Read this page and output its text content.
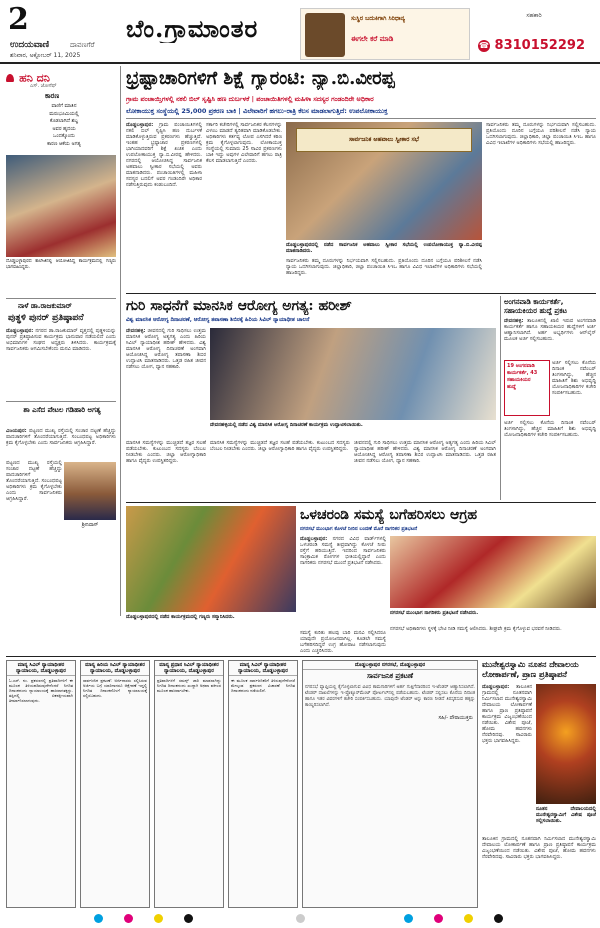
2
ಉದಯವಾಣಿ	ದಾವಣಗೆರೆ
ಶನಿವಾರ, ಅಕ್ಟೋಬರ್ 11, 2025
ಬೆಂ.ಗ್ರಾಮಾಂತರ	ಸುಸ್ಥಿರ ಬದುಕಿಗಾಗಿ ಸಿರಿಧಾನ್ಯ
ಈಗಲೇ ಕರೆ ಮಾಡಿ
ಸಹಕಾರಿ
☎ 8310152292
ಹನಿ ದನಿ
ಎಸ್. ಜೋಸೆಫ್
ಕಾರಣ
ವಾಣಿಗೆ ಮಾತಿನ
ಮರುಭೂಮಿಯಲ್ಲಿ
ಕೊಡಲಾಗಿದೆ ಶಬ್ದ
ಅವರ ಹೃದಯ
ಒಂದಕ್ಕೊಂದು
ಕಾರಣ ಆಕೆಯ ಅಗತ್ಯ
ದೊಡ್ಡಬಳ್ಳಾಪುರದ ಕಾಲೇಜಿನಲ್ಲಿ ಆಯೋಜಿಸಿದ್ದ ಕಾರ್ಯಕ್ರಮದಲ್ಲಿ ಗಣ್ಯರು ಭಾಗವಹಿಸಿದ್ದರು.
ನಾಳೆ ಡಾ.ರಾಜಕುಮಾರ್
ಪುತ್ಥಳಿ ಪುನರ್ ಪ್ರತಿಷ್ಠಾಪನೆ
ದೊಡ್ಡಬಳ್ಳಾಪುರ: ನಗರದ ಡಾ.ರಾಜಕುಮಾರ್ ವೃತ್ತದಲ್ಲಿ ಪುತ್ಥಳಿಯನ್ನು ಪುನರ್ ಪ್ರತಿಷ್ಠಾಪಿಸುವ ಕಾರ್ಯಕ್ರಮ ಭಾನುವಾರ ನಡೆಯಲಿದೆ ಎಂದು ಅಭಿಮಾನಿಗಳ ಸಂಘದ ಅಧ್ಯಕ್ಷರು ತಿಳಿಸಿದರು. ಕಾರ್ಯಕ್ರಮಕ್ಕೆ ಸಾರ್ವಜನಿಕರು ಆಗಮಿಸಬೇಕೆಂದು ಮನವಿ ಮಾಡಿದರು.
ಶಾ ಎಸೆದ ಪೇಟಲ ಗಡಿಹಾರಿ ಅಗತ್ಯ
ವಿಜಯಪುರ: ಪಟ್ಟಣದ ಮುಖ್ಯ ರಸ್ತೆಯಲ್ಲಿ ಸಂಚಾರ ದಟ್ಟಣೆ ಹೆಚ್ಚಿದ್ದು ಪಾದಚಾರಿಗಳಿಗೆ ತೊಂದರೆಯಾಗುತ್ತಿದೆ. ಸಂಬಂಧಪಟ್ಟ ಅಧಿಕಾರಿಗಳು ಕ್ರಮ ಕೈಗೊಳ್ಳಬೇಕು ಎಂದು ಸಾರ್ವಜನಿಕರು ಆಗ್ರಹಿಸಿದ್ದಾರೆ.
ಪಟ್ಟಣದ ಮುಖ್ಯ ರಸ್ತೆಯಲ್ಲಿ ಸಂಚಾರ ದಟ್ಟಣೆ ಹೆಚ್ಚಿದ್ದು ಪಾದಚಾರಿಗಳಿಗೆ ತೊಂದರೆಯಾಗುತ್ತಿದೆ. ಸಂಬಂಧಪಟ್ಟ ಅಧಿಕಾರಿಗಳು ಕ್ರಮ ಕೈಗೊಳ್ಳಬೇಕು ಎಂದು ಸಾರ್ವಜನಿಕರು ಆಗ್ರಹಿಸಿದ್ದಾರೆ.
ಶ್ರೀನಿವಾಸ್
ಭ್ರಷ್ಟಾಚಾರಿಗಳಿಗೆ ಶಿಕ್ಷೆ ಗ್ಯಾರಂಟಿ: ನ್ಯಾ.ಬಿ.ವೀರಪ್ಪ
ಗ್ರಾಮ ಪಂಚಾಯ್ತಿಗಳಲ್ಲಿ ನಕಲಿ ಬಿಲ್ ಸೃಷ್ಟಿಸಿ ಹಣ ದುರ್ಬಳಕೆ | ಪಂಚಾಯಿತಿಗಳಲ್ಲಿ ಮಹಿಳಾ ಸದಸ್ಯರ ಗಂಡಂದಿರೇ ಅಧಿಕಾರ
ಲೋಕಾಯುಕ್ತ ಸಂಸ್ಥೆಯಲ್ಲಿ 25,000 ಪ್ರಕರಣ ಬಾಕಿ | ವಿಲೇವಾರಿಗೆ ಹಗಲು-ರಾತ್ರಿ ಕೆಲಸ ಮಾಡಲಾಗುತ್ತಿದೆ: ಉಪಲೋಕಾಯುಕ್ತ
ದೊಡ್ಡಬಳ್ಳಾಪುರ: ಗ್ರಾಮ ಪಂಚಾಯಿತಿಗಳಲ್ಲಿ ನಕಲಿ ಬಿಲ್ ಸೃಷ್ಟಿಸಿ ಹಣ ದುರ್ಬಳಕೆ ಮಾಡಿಕೊಳ್ಳುತ್ತಿರುವ ಪ್ರಕರಣಗಳು ಹೆಚ್ಚುತ್ತಿವೆ. ಇಂತಹ ಭ್ರಷ್ಟಾಚಾರ ಪ್ರಕರಣಗಳಲ್ಲಿ ಭಾಗಿಯಾದವರಿಗೆ ಶಿಕ್ಷೆ ಖಚಿತ ಎಂದು ಉಪಲೋಕಾಯುಕ್ತ ನ್ಯಾ.ಬಿ.ವೀರಪ್ಪ ಹೇಳಿದರು. ನಗರದಲ್ಲಿ ಆಯೋಜಿಸಿದ್ದ ಸಾರ್ವಜನಿಕ ಅಹವಾಲು ಸ್ವೀಕಾರ ಸಭೆಯಲ್ಲಿ ಅವರು ಮಾತನಾಡಿದರು. ಪಂಚಾಯಿತಿಗಳಲ್ಲಿ ಮಹಿಳಾ ಸದಸ್ಯರ ಬದಲಿಗೆ ಅವರ ಗಂಡಂದಿರೇ ಅಧಿಕಾರ ನಡೆಸುತ್ತಿರುವುದು ಕಂಡುಬಂದಿದೆ.
ಸರ್ಕಾರಿ ಕಚೇರಿಗಳಲ್ಲಿ ಸಾರ್ವಜನಿಕರ ಕೆಲಸಗಳನ್ನು ವಿಳಂಬ ಮಾಡದೆ ತ್ವರಿತವಾಗಿ ಮಾಡಿಕೊಡಬೇಕು. ಅಧಿಕಾರಿಗಳು ಕರ್ತವ್ಯ ಲೋಪ ಎಸಗಿದರೆ ಕಠಿಣ ಕ್ರಮ ಕೈಗೊಳ್ಳಲಾಗುವುದು. ಲೋಕಾಯುಕ್ತ ಸಂಸ್ಥೆಯಲ್ಲಿ ಸುಮಾರು 25 ಸಾವಿರ ಪ್ರಕರಣಗಳು ಬಾಕಿ ಇದ್ದು ಅವುಗಳ ವಿಲೇವಾರಿಗೆ ಹಗಲು ರಾತ್ರಿ ಕೆಲಸ ಮಾಡಲಾಗುತ್ತಿದೆ ಎಂದರು.
ಸಾರ್ವಜನಿಕ ಅಹವಾಲು ಸ್ವೀಕಾರ ಸಭೆ
ದೊಡ್ಡಬಳ್ಳಾಪುರದಲ್ಲಿ ನಡೆದ ಸಾರ್ವಜನಿಕ ಅಹವಾಲು ಸ್ವೀಕಾರ ಸಭೆಯಲ್ಲಿ ಉಪಲೋಕಾಯುಕ್ತ ನ್ಯಾ.ಬಿ.ವೀರಪ್ಪ ಮಾತನಾಡಿದರು.
ಸಾರ್ವಜನಿಕರು ತಮ್ಮ ದೂರುಗಳನ್ನು ನಿರ್ಭಯವಾಗಿ ಸಲ್ಲಿಸಬಹುದು. ಪ್ರತಿಯೊಂದು ದೂರಿನ ಬಗ್ಗೆಯೂ ಪರಿಶೀಲನೆ ನಡೆಸಿ ನ್ಯಾಯ ಒದಗಿಸಲಾಗುವುದು. ಜಿಲ್ಲಾಧಿಕಾರಿ, ಜಿಲ್ಲಾ ಪಂಚಾಯಿತಿ ಸಿಇಒ ಹಾಗೂ ವಿವಿಧ ಇಲಾಖೆಗಳ ಅಧಿಕಾರಿಗಳು ಸಭೆಯಲ್ಲಿ ಹಾಜರಿದ್ದರು.
ಸಾರ್ವಜನಿಕರು ತಮ್ಮ ದೂರುಗಳನ್ನು ನಿರ್ಭಯವಾಗಿ ಸಲ್ಲಿಸಬಹುದು. ಪ್ರತಿಯೊಂದು ದೂರಿನ ಬಗ್ಗೆಯೂ ಪರಿಶೀಲನೆ ನಡೆಸಿ ನ್ಯಾಯ ಒದಗಿಸಲಾಗುವುದು. ಜಿಲ್ಲಾಧಿಕಾರಿ, ಜಿಲ್ಲಾ ಪಂಚಾಯಿತಿ ಸಿಇಒ ಹಾಗೂ ವಿವಿಧ ಇಲಾಖೆಗಳ ಅಧಿಕಾರಿಗಳು ಸಭೆಯಲ್ಲಿ ಹಾಜರಿದ್ದರು.
ಗುರಿ ಸಾಧನೆಗೆ ಮಾನಸಿಕ ಆರೋಗ್ಯ ಅಗತ್ಯ: ಹರೀಶ್
ವಿಶ್ವ ಮಾನಸಿಕ ಆರೋಗ್ಯ ದಿನಾಚರಣೆ, ಆರೋಗ್ಯ ತಪಾಸಣಾ ಶಿಬಿರಕ್ಕೆ ಹಿರಿಯ ಸಿವಿಲ್ ನ್ಯಾಯಾಧೀಶ ಚಾಲನೆ
ದೇವನಹಳ್ಳಿ: ಜೀವನದಲ್ಲಿ ಗುರಿ ಸಾಧಿಸಲು ಉತ್ತಮ ಮಾನಸಿಕ ಆರೋಗ್ಯ ಅತ್ಯಗತ್ಯ ಎಂದು ಹಿರಿಯ ಸಿವಿಲ್ ನ್ಯಾಯಾಧೀಶ ಹರೀಶ್ ಹೇಳಿದರು. ವಿಶ್ವ ಮಾನಸಿಕ ಆರೋಗ್ಯ ದಿನಾಚರಣೆ ಅಂಗವಾಗಿ ಆಯೋಜಿಸಿದ್ದ ಆರೋಗ್ಯ ತಪಾಸಣಾ ಶಿಬಿರ ಉದ್ಘಾಟಿಸಿ ಮಾತನಾಡಿದರು. ಒತ್ತಡ ರಹಿತ ಜೀವನ ನಡೆಸಲು ಯೋಗ, ಧ್ಯಾನ ಸಹಕಾರಿ.
ದೇವನಹಳ್ಳಿಯಲ್ಲಿ ನಡೆದ ವಿಶ್ವ ಮಾನಸಿಕ ಆರೋಗ್ಯ ದಿನಾಚರಣೆ ಕಾರ್ಯಕ್ರಮ ಉದ್ಘಾಟಿಸಲಾಯಿತು.
ಮಾನಸಿಕ ಸಮಸ್ಯೆಗಳನ್ನು ಮುಚ್ಚಿಡದೆ ತಜ್ಞರ ಸಲಹೆ ಪಡೆಯಬೇಕು. ಕುಟುಂಬದ ಸದಸ್ಯರು ಬೆಂಬಲ ನೀಡಬೇಕು ಎಂದರು. ಜಿಲ್ಲಾ ಆರೋಗ್ಯಾಧಿಕಾರಿ ಹಾಗೂ ವೈದ್ಯರು ಉಪಸ್ಥಿತರಿದ್ದರು.
ಜೀವನದಲ್ಲಿ ಗುರಿ ಸಾಧಿಸಲು ಉತ್ತಮ ಮಾನಸಿಕ ಆರೋಗ್ಯ ಅತ್ಯಗತ್ಯ ಎಂದು ಹಿರಿಯ ಸಿವಿಲ್ ನ್ಯಾಯಾಧೀಶ ಹರೀಶ್ ಹೇಳಿದರು. ವಿಶ್ವ ಮಾನಸಿಕ ಆರೋಗ್ಯ ದಿನಾಚರಣೆ ಅಂಗವಾಗಿ ಆಯೋಜಿಸಿದ್ದ ಆರೋಗ್ಯ ತಪಾಸಣಾ ಶಿಬಿರ ಉದ್ಘಾಟಿಸಿ ಮಾತನಾಡಿದರು. ಒತ್ತಡ ರಹಿತ ಜೀವನ ನಡೆಸಲು ಯೋಗ, ಧ್ಯಾನ ಸಹಕಾರಿ.
ಮಾನಸಿಕ ಸಮಸ್ಯೆಗಳನ್ನು ಮುಚ್ಚಿಡದೆ ತಜ್ಞರ ಸಲಹೆ ಪಡೆಯಬೇಕು. ಕುಟುಂಬದ ಸದಸ್ಯರು ಬೆಂಬಲ ನೀಡಬೇಕು ಎಂದರು. ಜಿಲ್ಲಾ ಆರೋಗ್ಯಾಧಿಕಾರಿ ಹಾಗೂ ವೈದ್ಯರು ಉಪಸ್ಥಿತರಿದ್ದರು.
ಅಂಗನವಾಡಿ ಕಾರ್ಯಕರ್ತೆ, ಸಹಾಯಕಿಯರ ಹುದ್ದೆ ಪ್ರಕಟ
ದೇವನಹಳ್ಳಿ: ತಾಲೂಕಿನಲ್ಲಿ ಖಾಲಿ ಇರುವ ಅಂಗನವಾಡಿ ಕಾರ್ಯಕರ್ತೆ ಹಾಗೂ ಸಹಾಯಕಿಯರ ಹುದ್ದೆಗಳಿಗೆ ಅರ್ಜಿ ಆಹ್ವಾನಿಸಲಾಗಿದೆ. ಅರ್ಹ ಅಭ್ಯರ್ಥಿಗಳು ಆನ್‌ಲೈನ್ ಮೂಲಕ ಅರ್ಜಿ ಸಲ್ಲಿಸಬಹುದು.
19 ಅಂಗನವಾಡಿ
ಕಾರ್ಯಕರ್ತೆ, 43
ಸಹಾಯಕಿಯರ
ಹುದ್ದೆ
ಅರ್ಜಿ ಸಲ್ಲಿಸಲು ಕೊನೆಯ ದಿನಾಂಕ ನವೆಂಬರ್ ತಿಂಗಳಾಗಿದ್ದು, ಹೆಚ್ಚಿನ ಮಾಹಿತಿಗೆ ಶಿಶು ಅಭಿವೃದ್ಧಿ ಯೋಜನಾಧಿಕಾರಿಗಳ ಕಚೇರಿ ಸಂಪರ್ಕಿಸಬಹುದು.
ಅರ್ಜಿ ಸಲ್ಲಿಸಲು ಕೊನೆಯ ದಿನಾಂಕ ನವೆಂಬರ್ ತಿಂಗಳಾಗಿದ್ದು, ಹೆಚ್ಚಿನ ಮಾಹಿತಿಗೆ ಶಿಶು ಅಭಿವೃದ್ಧಿ ಯೋಜನಾಧಿಕಾರಿಗಳ ಕಚೇರಿ ಸಂಪರ್ಕಿಸಬಹುದು.
ದೊಡ್ಡಬಳ್ಳಾಪುರದಲ್ಲಿ ನಡೆದ ಕಾರ್ಯಕ್ರಮದಲ್ಲಿ ಗಣ್ಯರು ಸನ್ಮಾನಿಸಿದರು.
ಒಳಚರಂಡಿ ಸಮಸ್ಯೆ ಬಗೆಹರಿಸಲು ಆಗ್ರಹ
ನಗರಸಭೆ ಮುಂಭಾಗ ಕೊಳಚೆ ನೀರಿನ ಬಂದಣೆ ಮೊರೆ ನಾಗರಿಕರ ಪ್ರತಿಭಟನೆ
ದೊಡ್ಡಬಳ್ಳಾಪುರ: ನಗರದ ವಿವಿಧ ವಾರ್ಡ್‌ಗಳಲ್ಲಿ ಒಳಚರಂಡಿ ಸಮಸ್ಯೆ ತೀವ್ರವಾಗಿದ್ದು ಕೊಳಚೆ ನೀರು ರಸ್ತೆಗೆ ಹರಿಯುತ್ತಿದೆ. ಇದರಿಂದ ಸಾರ್ವಜನಿಕರು ಸಾಂಕ್ರಾಮಿಕ ರೋಗಗಳ ಭೀತಿಯಲ್ಲಿದ್ದಾರೆ ಎಂದು ನಾಗರಿಕರು ನಗರಸಭೆ ಮುಂದೆ ಪ್ರತಿಭಟನೆ ನಡೆಸಿದರು.
ನಗರಸಭೆ ಮುಂಭಾಗ ನಾಗರಿಕರು ಪ್ರತಿಭಟನೆ ನಡೆಸಿದರು.
ಸಮಸ್ಯೆ ಕುರಿತು ಹಲವು ಬಾರಿ ಮನವಿ ಸಲ್ಲಿಸಿದರೂ ಯಾವುದೇ ಪ್ರಯೋಜನವಾಗಿಲ್ಲ. ಕೂಡಲೇ ಸಮಸ್ಯೆ ಬಗೆಹರಿಸದಿದ್ದರೆ ಉಗ್ರ ಹೋರಾಟ ನಡೆಸಲಾಗುವುದು ಎಂದು ಎಚ್ಚರಿಸಿದರು.
ನಗರಸಭೆ ಅಧಿಕಾರಿಗಳು ಸ್ಥಳಕ್ಕೆ ಭೇಟಿ ನೀಡಿ ಸಮಸ್ಯೆ ಆಲಿಸಿದರು. ಶೀಘ್ರವೇ ಕ್ರಮ ಕೈಗೊಳ್ಳುವ ಭರವಸೆ ನೀಡಿದರು.
ಮಾನ್ಯ ಸಿವಿಲ್ ನ್ಯಾಯಾಧೀಶರ ನ್ಯಾಯಾಲಯ, ದೊಡ್ಡಬಳ್ಳಾಪುರ
ಓ.ಎಸ್. ನಂ. ಪ್ರಕರಣದಲ್ಲಿ ಪ್ರತಿವಾದಿಗಳಿಗೆ ಈ ಮೂಲಕ ತಿಳಿಯಪಡಿಸುವುದೇನೆಂದರೆ ನಿಗದಿತ ದಿನಾಂಕದಂದು ನ್ಯಾಯಾಲಯಕ್ಕೆ ಹಾಜರಾಗತಕ್ಕದ್ದು. ತಪ್ಪಿದಲ್ಲಿ ಏಕಪಕ್ಷೀಯವಾಗಿ ತೀರ್ಮಾನಿಸಲಾಗುವುದು.
ಮಾನ್ಯ ಹಿರಿಯ ಸಿವಿಲ್ ನ್ಯಾಯಾಧೀಶರ ನ್ಯಾಯಾಲಯ, ದೊಡ್ಡಬಳ್ಳಾಪುರ
ಸಾರ್ವಜನಿಕ ಪ್ರಕಟಣೆ: ಅರ್ಜಿದಾರರು ಸಲ್ಲಿಸಿರುವ ಅರ್ಜಿಯ ಬಗ್ಗೆ ಯಾರಿಗಾದರೂ ಆಕ್ಷೇಪಣೆ ಇದ್ದಲ್ಲಿ ನಿಗದಿತ ದಿನಾಂಕದೊಳಗೆ ನ್ಯಾಯಾಲಯಕ್ಕೆ ಸಲ್ಲಿಸಬಹುದು.
ಮಾನ್ಯ ಪ್ರಧಾನ ಸಿವಿಲ್ ನ್ಯಾಯಾಧೀಶರ ನ್ಯಾಯಾಲಯ, ದೊಡ್ಡಬಳ್ಳಾಪುರ
ಪ್ರತಿವಾದಿಗಳಿಗೆ ಸಮನ್ಸ್ ಜಾರಿ ಮಾಡಲಾಗಿದ್ದು ನಿಗದಿತ ದಿನಾಂಕದಂದು ಖುದ್ದಾಗಿ ಅಥವಾ ವಕೀಲರ ಮೂಲಕ ಹಾಜರಾಗಬೇಕು.
ಮಾನ್ಯ ಸಿವಿಲ್ ನ್ಯಾಯಾಧೀಶರ ನ್ಯಾಯಾಲಯ, ದೊಡ್ಡಬಳ್ಳಾಪುರ
ಈ ಮೂಲಕ ಸಾರ್ವಜನಿಕರಿಗೆ ತಿಳಿಸುವುದೇನೆಂದರೆ ಮೇಲ್ಕಂಡ ಪ್ರಕರಣದ ವಿಚಾರಣೆ ನಿಗದಿತ ದಿನಾಂಕದಂದು ನಡೆಯಲಿದೆ.
ದೊಡ್ಡಬಳ್ಳಾಪುರ ನಗರಸಭೆ, ದೊಡ್ಡಬಳ್ಳಾಪುರ
ಸಾರ್ವಜನಿಕ ಪ್ರಕಟಣೆ
ನಗರಸಭೆ ವ್ಯಾಪ್ತಿಯಲ್ಲಿ ಕೈಗೊಳ್ಳಲಾಗುವ ವಿವಿಧ ಕಾಮಗಾರಿಗಳಿಗೆ ಅರ್ಹ ಗುತ್ತಿಗೆದಾರರಿಂದ ಇ-ಟೆಂಡರ್ ಆಹ್ವಾನಿಸಲಾಗಿದೆ. ಟೆಂಡರ್ ದಾಖಲೆಗಳನ್ನು ಇ-ಪ್ರೊಕ್ಯೂರ್‌ಮೆಂಟ್ ಪೋರ್ಟಲ್‌ನಲ್ಲಿ ಪಡೆಯಬಹುದು. ಟೆಂಡರ್ ಸಲ್ಲಿಸಲು ಕೊನೆಯ ದಿನಾಂಕ ಹಾಗೂ ಇತರ ವಿವರಗಳಿಗೆ ಕಚೇರಿ ಸಂಪರ್ಕಿಸಬಹುದು. ಯಾವುದೇ ಟೆಂಡರ್ ಅನ್ನು ಕಾರಣ ನೀಡದೆ ತಿರಸ್ಕರಿಸುವ ಹಕ್ಕನ್ನು ಕಾಯ್ದಿರಿಸಲಾಗಿದೆ.
ಸಹಿ/- ಪೌರಾಯುಕ್ತರು
ಮುನೇಶ್ವರಸ್ವಾಮಿ ನೂತನ ದೇವಾಲಯ ಲೋಕಾರ್ಪಣೆ, ಪ್ರಾಣ ಪ್ರತಿಷ್ಠಾಪನೆ
ದೊಡ್ಡಬಳ್ಳಾಪುರ: ತಾಲೂಕಿನ ಗ್ರಾಮದಲ್ಲಿ ನೂತನವಾಗಿ ನಿರ್ಮಿಸಲಾದ ಮುನೇಶ್ವರಸ್ವಾಮಿ ದೇವಾಲಯ ಲೋಕಾರ್ಪಣೆ ಹಾಗೂ ಪ್ರಾಣ ಪ್ರತಿಷ್ಠಾಪನೆ ಕಾರ್ಯಕ್ರಮ ವಿಜೃಂಭಣೆಯಿಂದ ನಡೆಯಿತು. ವಿಶೇಷ ಪೂಜೆ, ಹೋಮ ಹವನಗಳು ನೆರವೇರಿದವು. ಸಾವಿರಾರು ಭಕ್ತರು ಭಾಗವಹಿಸಿದ್ದರು.
ನೂತನ ದೇವಾಲಯದಲ್ಲಿ ಮುನೇಶ್ವರಸ್ವಾಮಿಗೆ ವಿಶೇಷ ಪೂಜೆ ಸಲ್ಲಿಸಲಾಯಿತು.
ತಾಲೂಕಿನ ಗ್ರಾಮದಲ್ಲಿ ನೂತನವಾಗಿ ನಿರ್ಮಿಸಲಾದ ಮುನೇಶ್ವರಸ್ವಾಮಿ ದೇವಾಲಯ ಲೋಕಾರ್ಪಣೆ ಹಾಗೂ ಪ್ರಾಣ ಪ್ರತಿಷ್ಠಾಪನೆ ಕಾರ್ಯಕ್ರಮ ವಿಜೃಂಭಣೆಯಿಂದ ನಡೆಯಿತು. ವಿಶೇಷ ಪೂಜೆ, ಹೋಮ ಹವನಗಳು ನೆರವೇರಿದವು. ಸಾವಿರಾರು ಭಕ್ತರು ಭಾಗವಹಿಸಿದ್ದರು.
